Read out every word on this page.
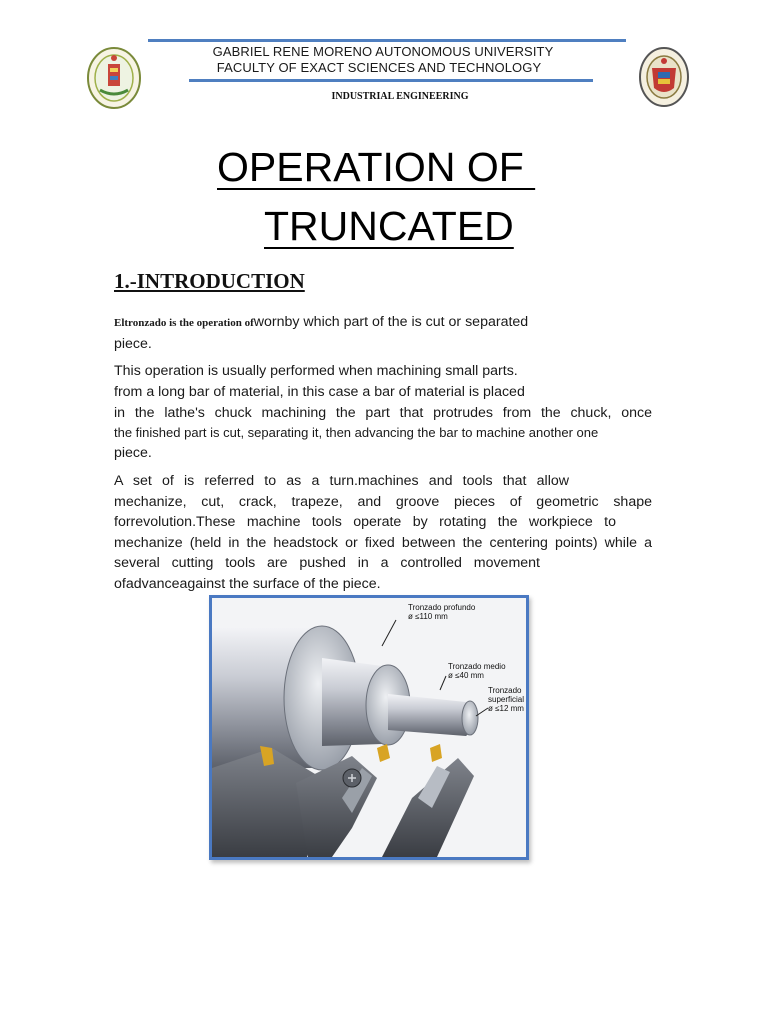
GABRIEL RENE MORENO AUTONOMOUS UNIVERSITY
FACULTY OF EXACT SCIENCES AND TECHNOLOGY
INDUSTRIAL ENGINEERING
OPERATION OF
TRUNCATED
1.-INTRODUCTION
Eltronzado is the operation ofwornby which part of the is cut or separated
piece.
This operation is usually performed when machining small parts.
from a long bar of material, in this case a bar of material is placed
in the lathe's chuck machining the part that protrudes from the chuck, once
the finished part is cut, separating it, then advancing the bar to machine another one
piece.
A set of is referred to as a turn.machines and tools that allow
mechanize, cut, crack, trapeze, and groove pieces of geometric shape
forrevolution.These machine tools operate by rotating the workpiece to
mechanize (held in the headstock or fixed between the centering points) while a
several cutting tools are pushed in a controlled movement
ofadvanceagainst the surface of the piece.
Tronzado profundo
ø ≤110 mm
Tronzado medio
ø ≤40 mm
Tronzado
superficial
ø ≤12 mm
